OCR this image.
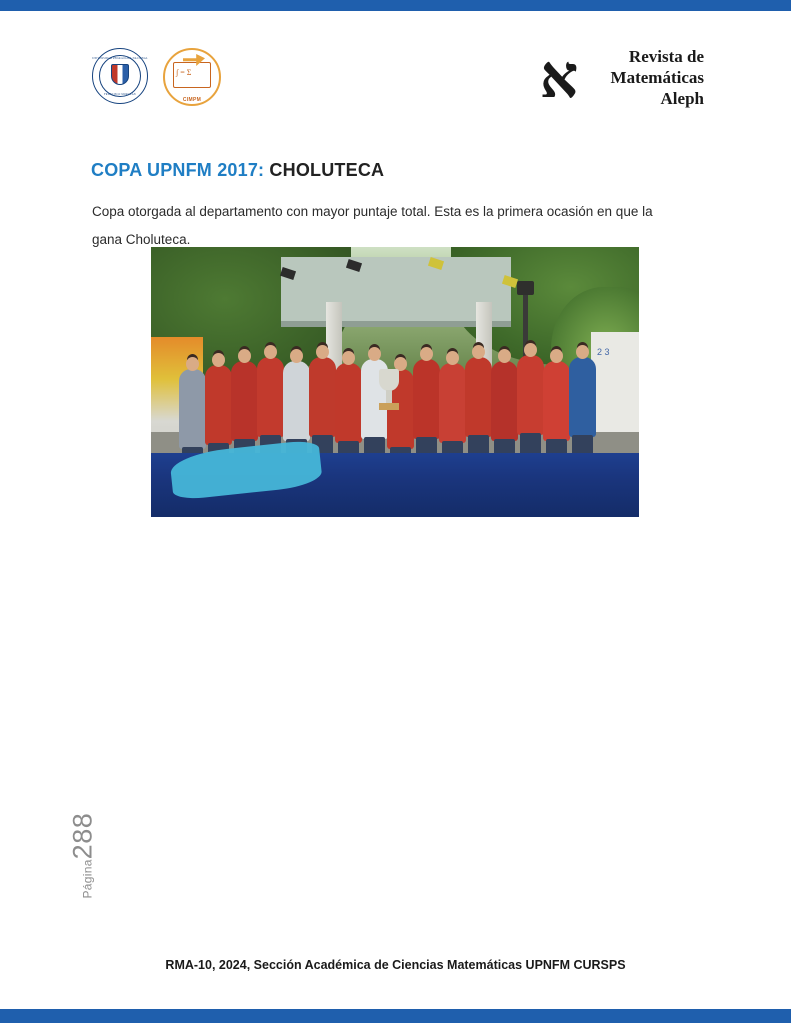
UNIVERSIDAD PEDAGÓGICA NACIONAL
FRANCISCO MORAZÁN
∫ = Σ
CIMPM	א	Revista de
Matemáticas
Aleph
COPA UPNFM 2017: CHOLUTECA

Copa otorgada al departamento con mayor puntaje total. Esta es la primera ocasión en que la gana Choluteca.

2 3
Página288
RMA-10, 2024, Sección Académica de Ciencias Matemáticas UPNFM CURSPS
